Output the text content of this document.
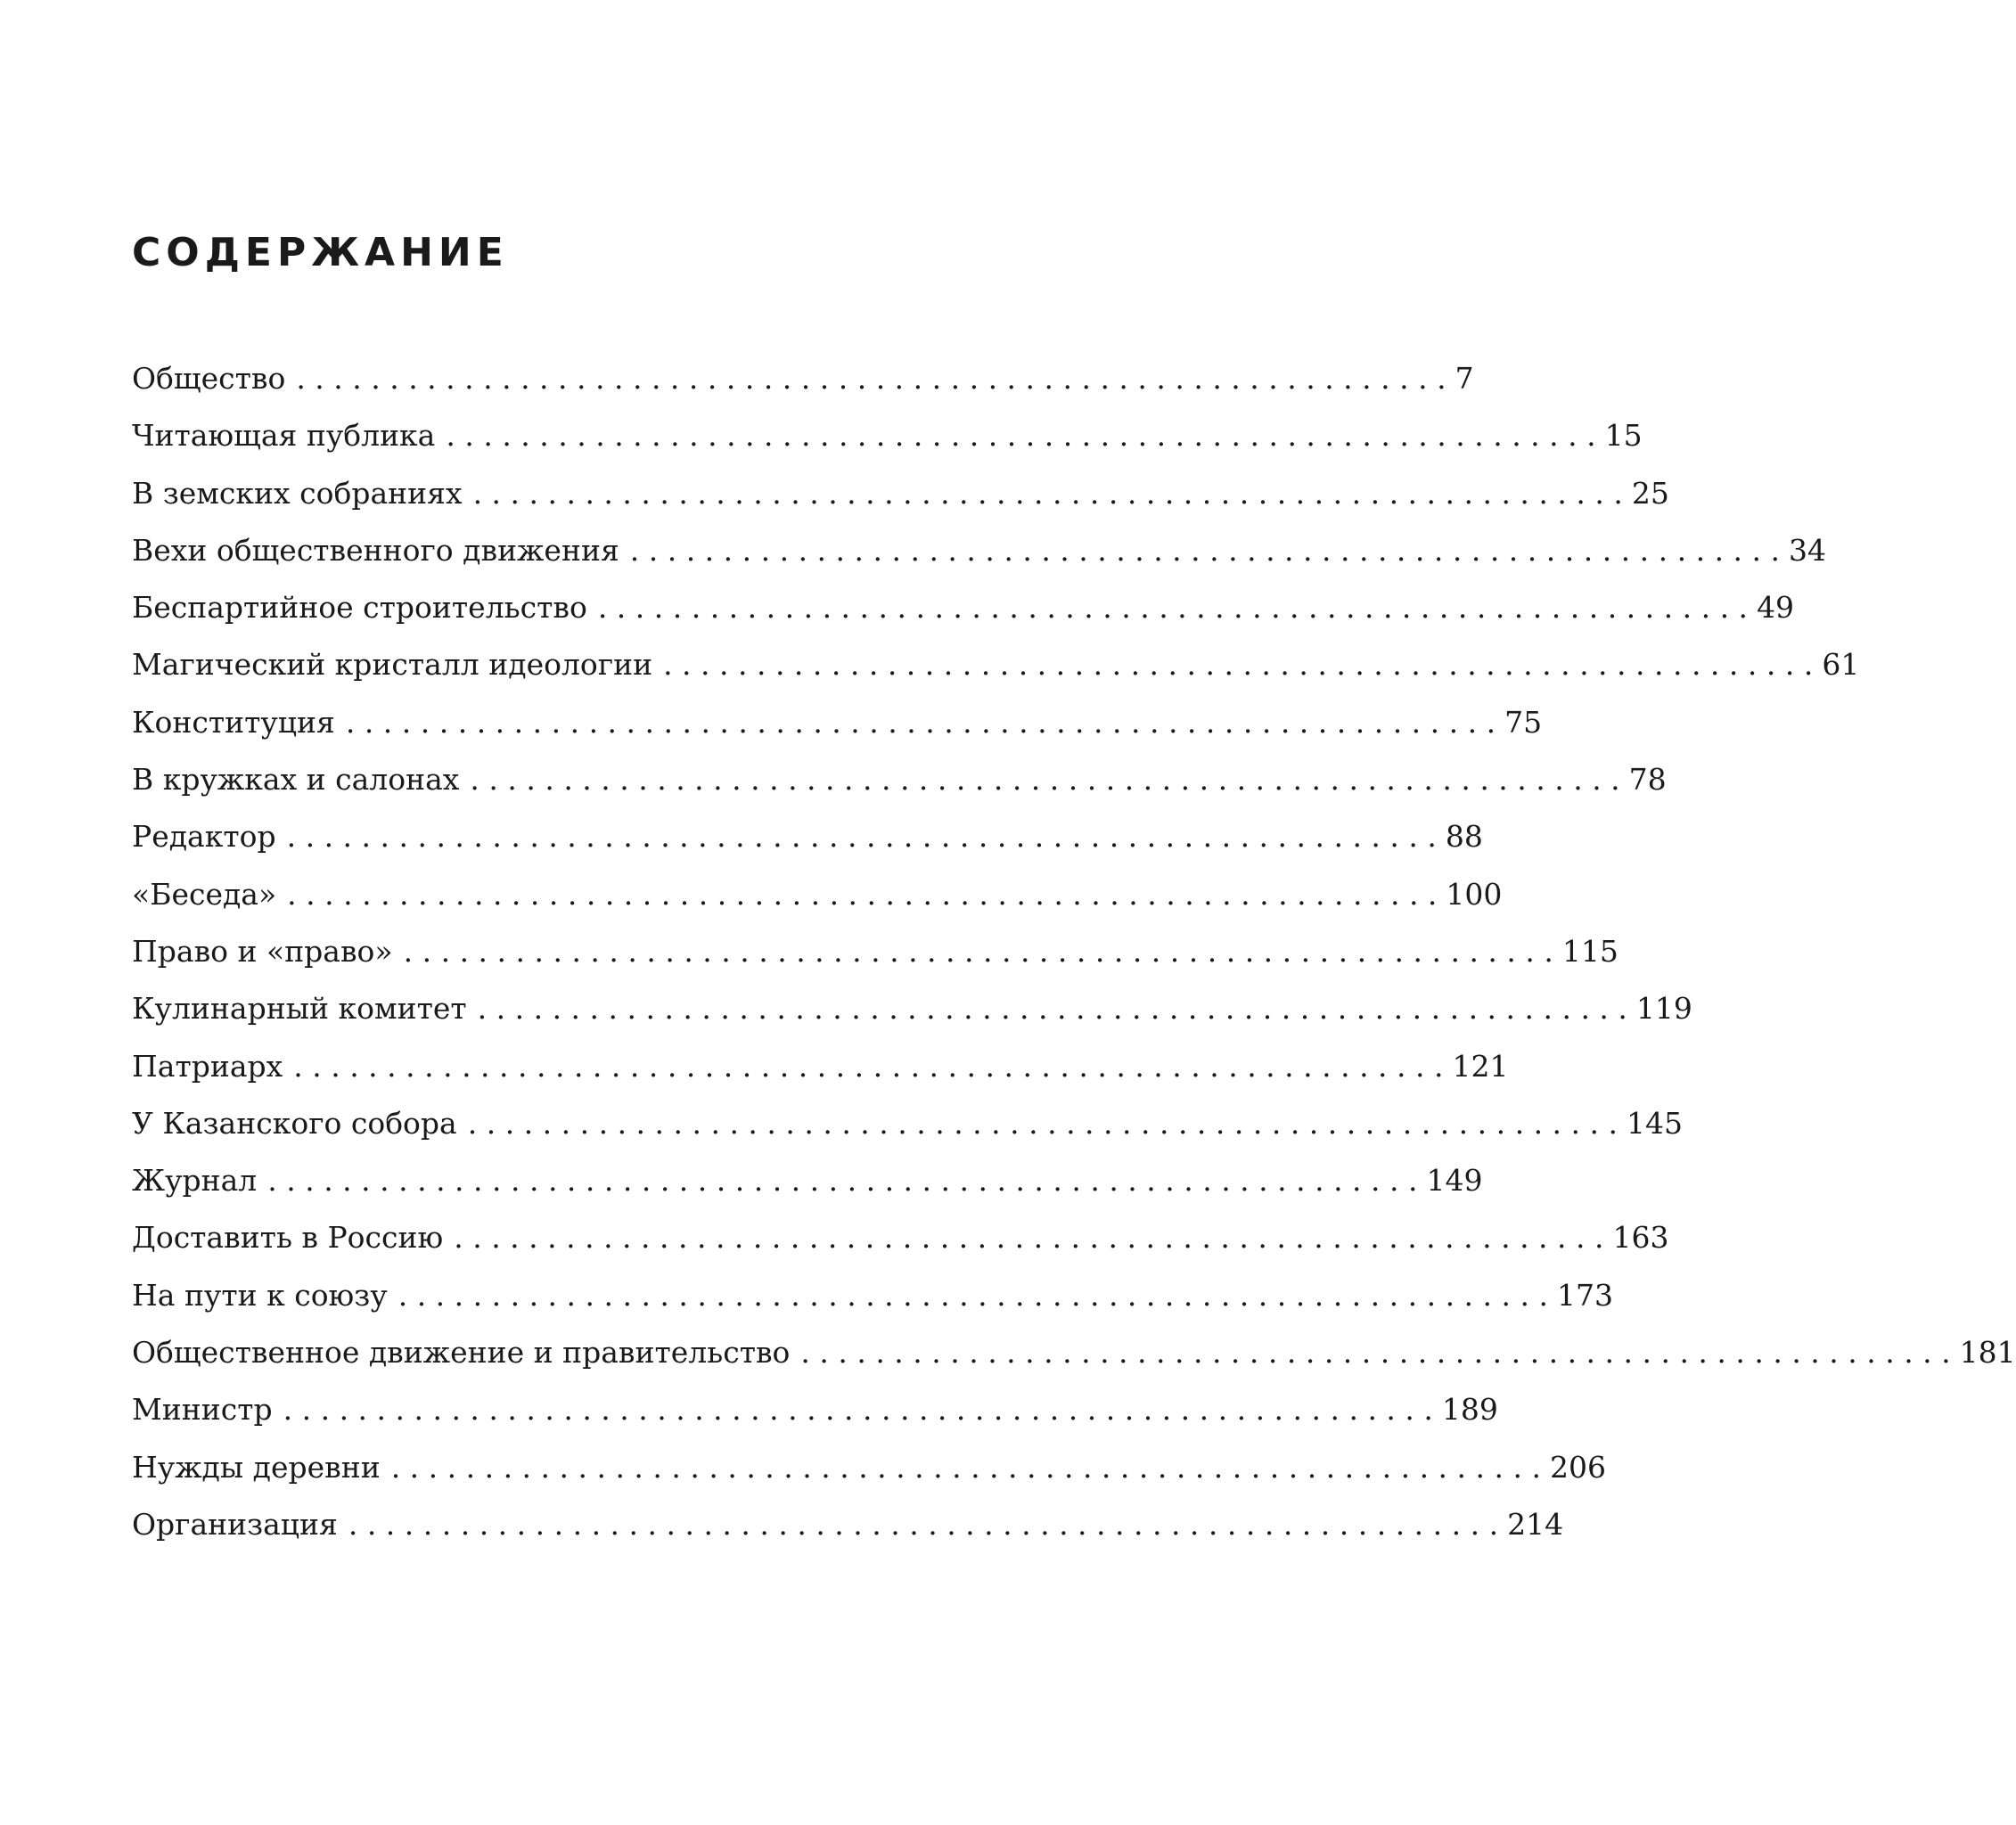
СОДЕРЖАНИЕ
Общество . . . . . . . . . . . . . . . . . . . . . . . . . . . . . . . . . . . . . . . . . . . . . . . . . . . . . . . . . . . . . . 7
Читающая публика . . . . . . . . . . . . . . . . . . . . . . . . . . . . . . . . . . . . . . . . . . . . . . . . . . . . . . . . . . . . . . 15
В земских собраниях . . . . . . . . . . . . . . . . . . . . . . . . . . . . . . . . . . . . . . . . . . . . . . . . . . . . . . . . . . . . . . 25
Вехи общественного движения . . . . . . . . . . . . . . . . . . . . . . . . . . . . . . . . . . . . . . . . . . . . . . . . . . . . . . . . . . . . . . 34
Беспартийное строительство . . . . . . . . . . . . . . . . . . . . . . . . . . . . . . . . . . . . . . . . . . . . . . . . . . . . . . . . . . . . . . 49
Магический кристалл идеологии . . . . . . . . . . . . . . . . . . . . . . . . . . . . . . . . . . . . . . . . . . . . . . . . . . . . . . . . . . . . . . 61
Конституция . . . . . . . . . . . . . . . . . . . . . . . . . . . . . . . . . . . . . . . . . . . . . . . . . . . . . . . . . . . . . . 75
В кружках и салонах . . . . . . . . . . . . . . . . . . . . . . . . . . . . . . . . . . . . . . . . . . . . . . . . . . . . . . . . . . . . . . 78
Редактор . . . . . . . . . . . . . . . . . . . . . . . . . . . . . . . . . . . . . . . . . . . . . . . . . . . . . . . . . . . . . . 88
«Беседа» . . . . . . . . . . . . . . . . . . . . . . . . . . . . . . . . . . . . . . . . . . . . . . . . . . . . . . . . . . . . . . 100
Право и «право» . . . . . . . . . . . . . . . . . . . . . . . . . . . . . . . . . . . . . . . . . . . . . . . . . . . . . . . . . . . . . . 115
Кулинарный комитет . . . . . . . . . . . . . . . . . . . . . . . . . . . . . . . . . . . . . . . . . . . . . . . . . . . . . . . . . . . . . . 119
Патриарх . . . . . . . . . . . . . . . . . . . . . . . . . . . . . . . . . . . . . . . . . . . . . . . . . . . . . . . . . . . . . . 121
У Казанского собора . . . . . . . . . . . . . . . . . . . . . . . . . . . . . . . . . . . . . . . . . . . . . . . . . . . . . . . . . . . . . . 145
Журнал . . . . . . . . . . . . . . . . . . . . . . . . . . . . . . . . . . . . . . . . . . . . . . . . . . . . . . . . . . . . . . 149
Доставить в Россию . . . . . . . . . . . . . . . . . . . . . . . . . . . . . . . . . . . . . . . . . . . . . . . . . . . . . . . . . . . . . . 163
На пути к союзу . . . . . . . . . . . . . . . . . . . . . . . . . . . . . . . . . . . . . . . . . . . . . . . . . . . . . . . . . . . . . . 173
Общественное движение и правительство . . . . . . . . . . . . . . . . . . . . . . . . . . . . . . . . . . . . . . . . . . . . . . . . . . . . . . . . . . . . . . 181
Министр . . . . . . . . . . . . . . . . . . . . . . . . . . . . . . . . . . . . . . . . . . . . . . . . . . . . . . . . . . . . . . 189
Нужды деревни . . . . . . . . . . . . . . . . . . . . . . . . . . . . . . . . . . . . . . . . . . . . . . . . . . . . . . . . . . . . . . 206
Организация . . . . . . . . . . . . . . . . . . . . . . . . . . . . . . . . . . . . . . . . . . . . . . . . . . . . . . . . . . . . . . 214
